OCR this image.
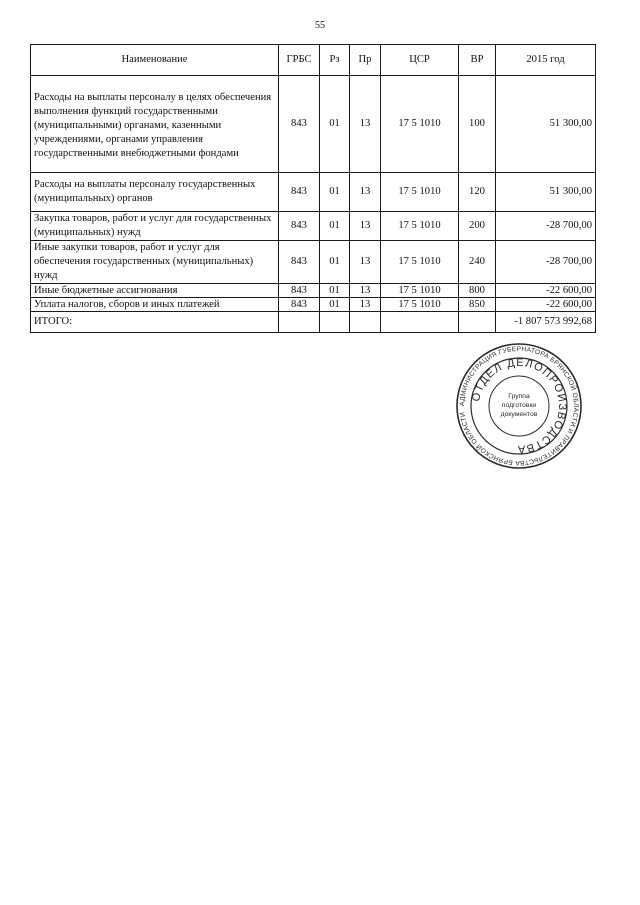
55
Наименование	ГРБС	Рз	Пр	ЦСР	ВР	2015 год
Расходы на выплаты персоналу в целях обеспечения выполнения функций государственными (муниципальными) органами, казенными учреждениями, органами управления государственными внебюджетными фондами	843	01	13	17 5 1010	100	51 300,00
Расходы на выплаты персоналу государственных (муниципальных) органов	843	01	13	17 5 1010	120	51 300,00
Закупка товаров, работ и услуг для государственных (муниципальных) нужд	843	01	13	17 5 1010	200	-28 700,00
Иные закупки товаров, работ и услуг для обеспечения государственных (муниципальных) нужд	843	01	13	17 5 1010	240	-28 700,00
Иные бюджетные ассигнования	843	01	13	17 5 1010	800	-22 600,00
Уплата налогов, сборов и иных платежей	843	01	13	17 5 1010	850	-22 600,00
ИТОГО:						-1 807 573 992,68
АДМИНИСТРАЦИЯ ГУБЕРНАТОРА БРЯНСКОЙ ОБЛАСТИ И ПРАВИТЕЛЬСТВА БРЯНСКОЙ ОБЛАСТИ
ОТДЕЛ ДЕЛОПРОИЗВОДСТВА
Группа
подготовки
документов
